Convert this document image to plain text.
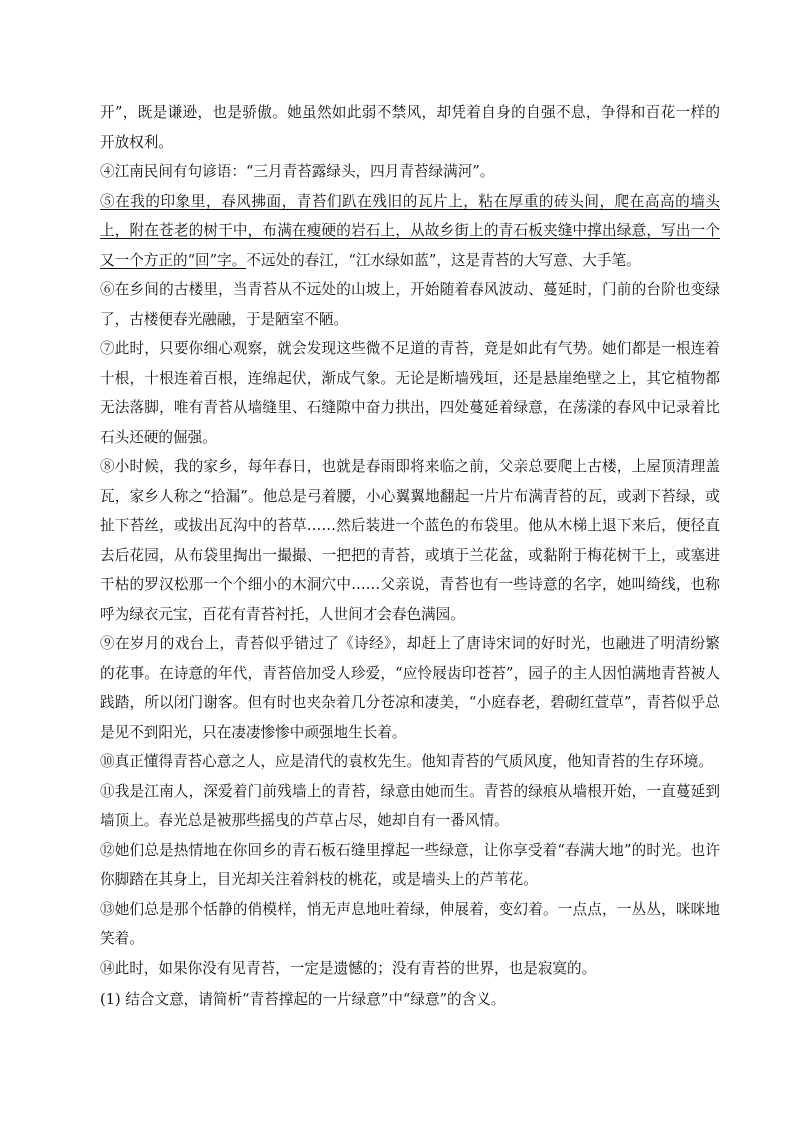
开”，既是谦逊，也是骄傲。她虽然如此弱不禁风，却凭着自身的自强不息，争得和百花一样的开放权利。

④江南民间有句谚语：“三月青苔露绿头，四月青苔绿满河”。

⑤在我的印象里，春风拂面，青苔们趴在残旧的瓦片上，粘在厚重的砖头间，爬在高高的墙头上，附在苍老的树干中，布满在瘦硬的岩石上，从故乡街上的青石板夹缝中撑出绿意，写出一个又一个方正的“回”字。不远处的春江，“江水绿如蓝”，这是青苔的大写意、大手笔。

⑥在乡间的古楼里，当青苔从不远处的山坡上，开始随着春风波动、蔓延时，门前的台阶也变绿了，古楼便春光融融，于是陋室不陋。

⑦此时，只要你细心观察，就会发现这些微不足道的青苔，竟是如此有气势。她们都是一根连着十根，十根连着百根，连绵起伏，渐成气象。无论是断墙残垣，还是悬崖绝壁之上，其它植物都无法落脚，唯有青苔从墙缝里、石缝隙中奋力拱出，四处蔓延着绿意，在荡漾的春风中记录着比石头还硬的倔强。

⑧小时候，我的家乡，每年春日，也就是春雨即将来临之前，父亲总要爬上古楼，上屋顶清理盖瓦，家乡人称之“拾漏”。他总是弓着腰，小心翼翼地翻起一片片布满青苔的瓦，或剥下苔绿，或扯下苔丝，或拔出瓦沟中的苔草……然后装进一个蓝色的布袋里。他从木梯上退下来后，便径直去后花园，从布袋里掏出一撮撮、一把把的青苔，或填于兰花盆，或黏附于梅花树干上，或塞进干枯的罗汉松那一个个细小的木洞穴中……父亲说，青苔也有一些诗意的名字，她叫绮线，也称呼为绿衣元宝，百花有青苔衬托，人世间才会春色满园。

⑨在岁月的戏台上，青苔似乎错过了《诗经》，却赶上了唐诗宋词的好时光，也融进了明清纷繁的花事。在诗意的年代，青苔倍加受人珍爱，“应怜屐齿印苍苔”，园子的主人因怕满地青苔被人践踏，所以闭门谢客。但有时也夹杂着几分苍凉和凄美，“小庭春老，碧砌红萱草”，青苔似乎总是见不到阳光，只在凄凄惨惨中顽强地生长着。

⑩真正懂得青苔心意之人，应是清代的袁枚先生。他知青苔的气质风度，他知青苔的生存环境。

⑪我是江南人，深爱着门前残墙上的青苔，绿意由她而生。青苔的绿痕从墙根开始，一直蔓延到墙顶上。春光总是被那些摇曳的芦草占尽，她却自有一番风情。

⑫她们总是热情地在你回乡的青石板石缝里撑起一些绿意，让你享受着“春满大地”的时光。也许你脚踏在其身上，目光却关注着斜枝的桃花，或是墙头上的芦苇花。

⑬她们总是那个恬静的俏模样，悄无声息地吐着绿，伸展着，变幻着。一点点，一丛丛，咪咪地笑着。

⑭此时，如果你没有见青苔，一定是遗憾的；没有青苔的世界，也是寂寞的。

(1) 结合文意，请简析“青苔撑起的一片绿意”中“绿意”的含义。
